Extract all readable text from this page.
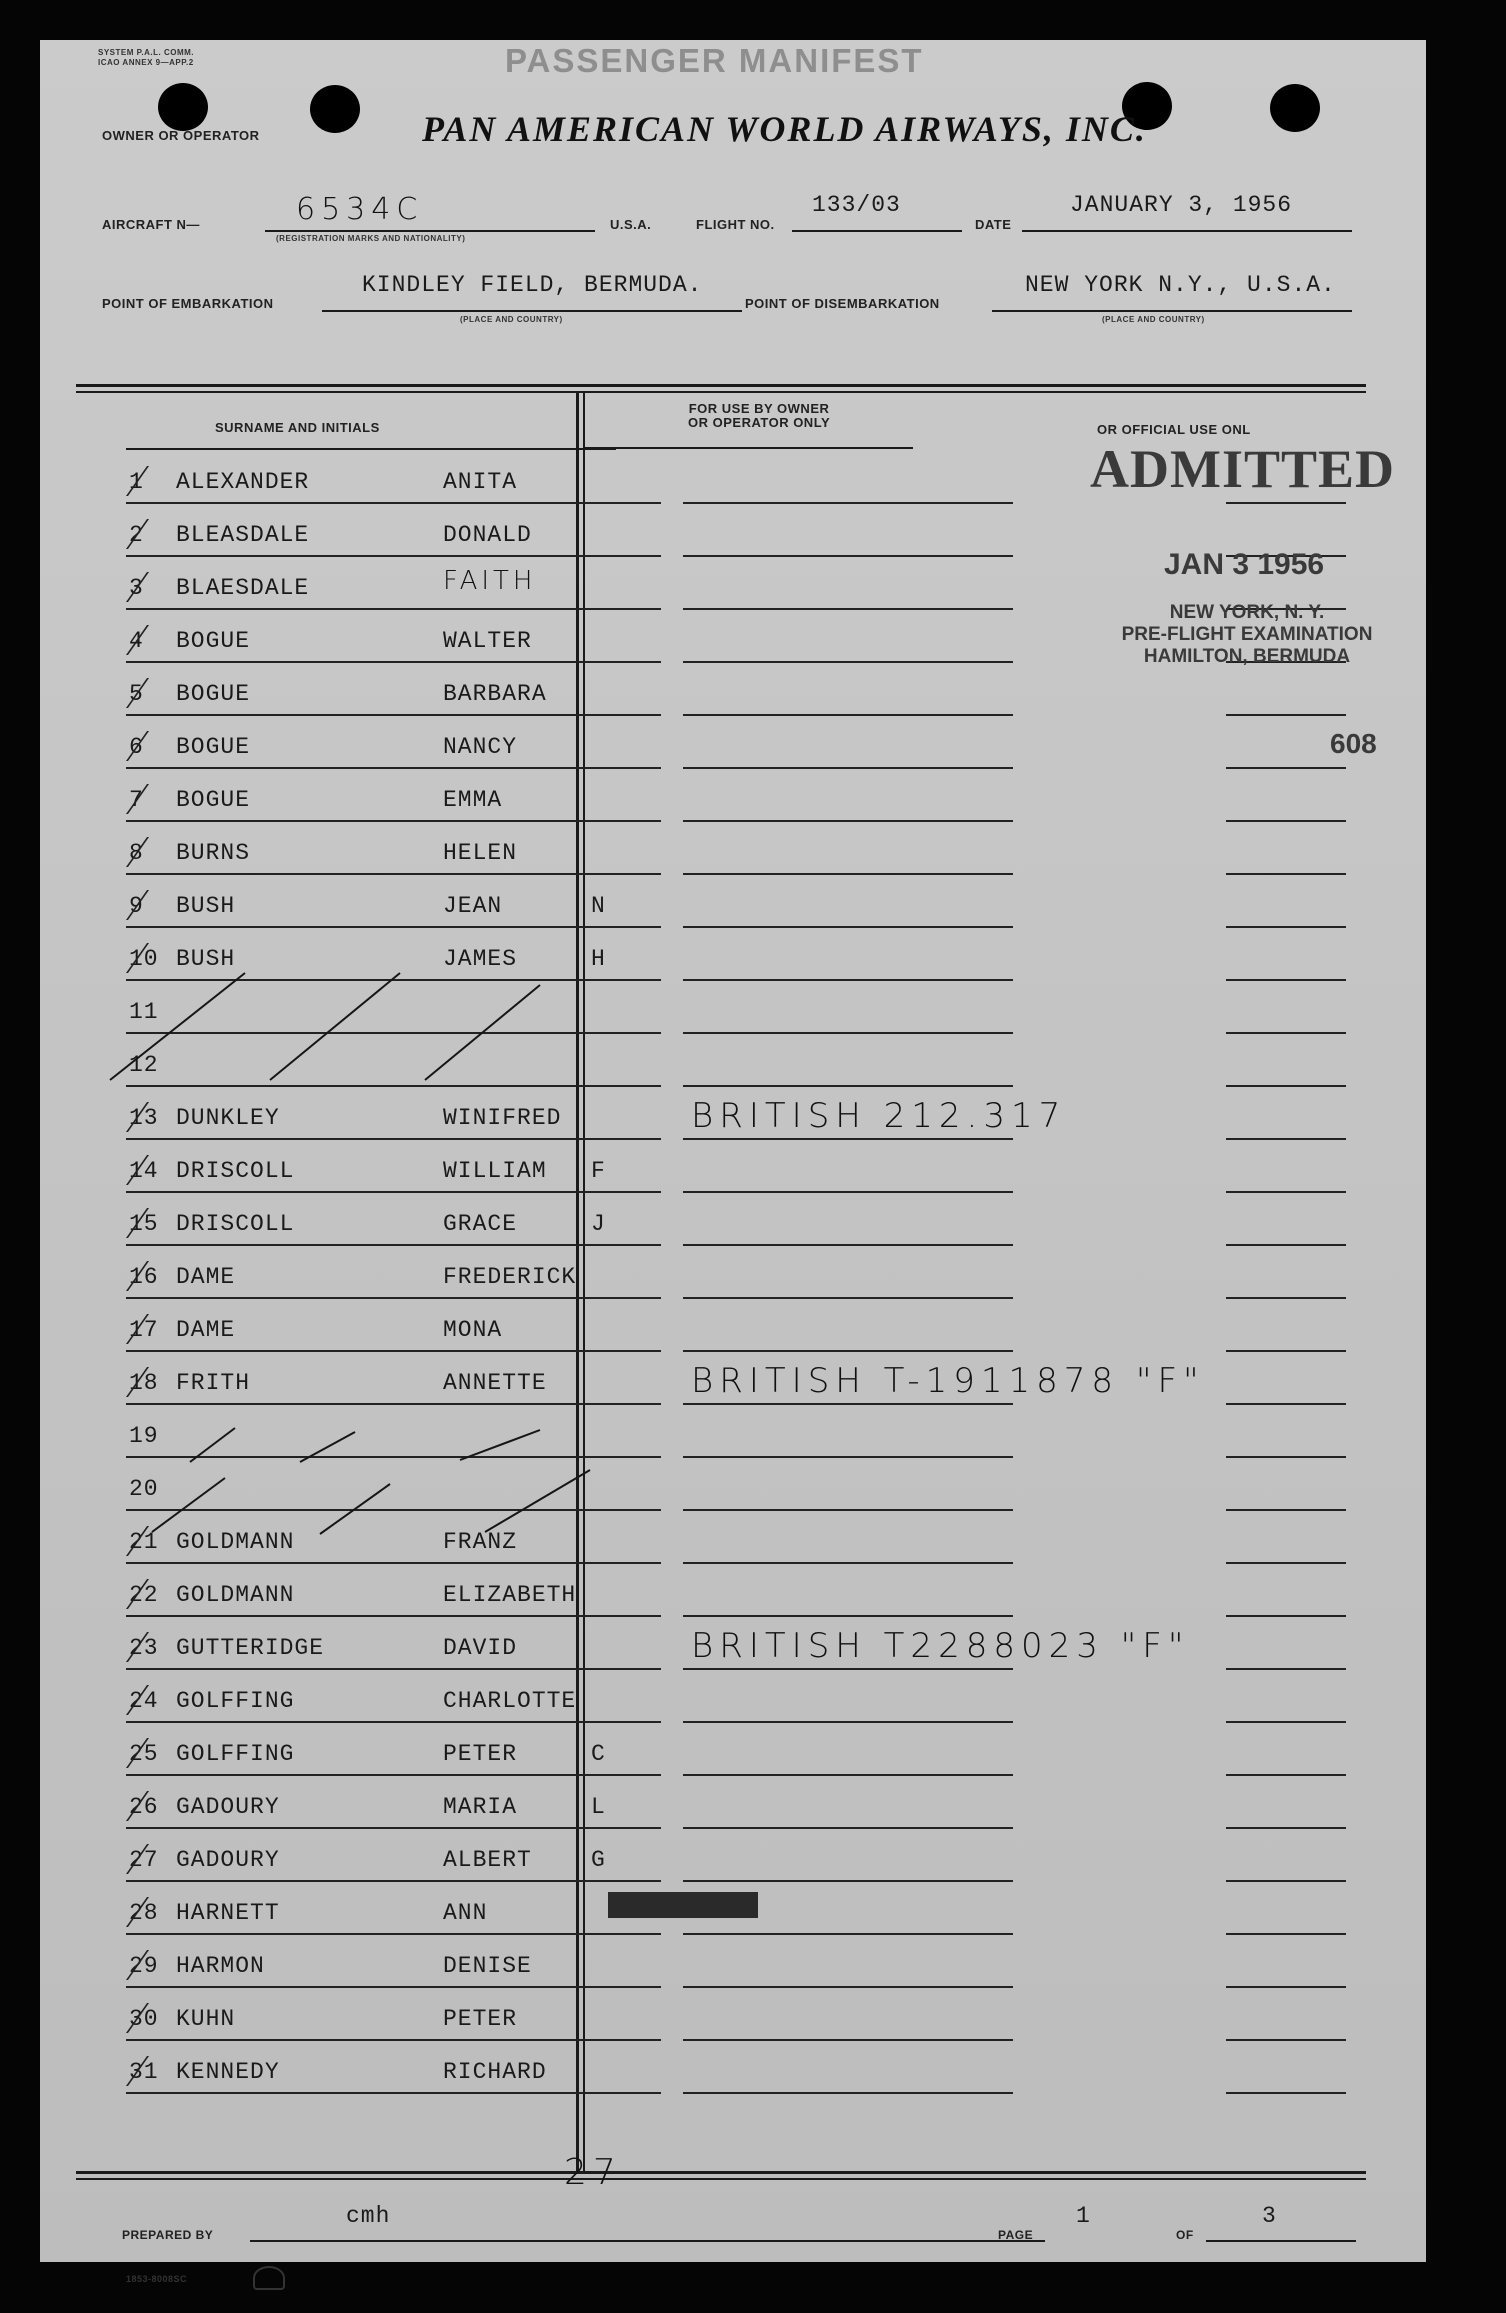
SYSTEM P.A.L. COMM.
ICAO ANNEX 9—APP.2	PASSENGER MANIFEST
OWNER OR OPERATOR	PAN AMERICAN WORLD AIRWAYS, INC.
AIRCRAFT N—	6534C
(REGISTRATION MARKS AND NATIONALITY)
U.S.A.	FLIGHT NO.
133/03
DATE
JANUARY 3, 1956
POINT OF EMBARKATION
KINDLEY FIELD, BERMUDA.
(PLACE AND COUNTRY)
POINT OF DISEMBARKATION
NEW YORK N.Y., U.S.A.
(PLACE AND COUNTRY)
SURNAME AND INITIALS
FOR USE BY OWNER
OR OPERATOR ONLY	OR OFFICIAL USE ONL
1	ALEXANDER	ANITA
2	BLEASDALE	DONALD
3	BLAESDALE	FAITH
4	BOGUE	WALTER
5	BOGUE	BARBARA
6	BOGUE	NANCY
7	BOGUE	EMMA
8	BURNS	HELEN
9	BUSH	JEAN	N
10 BUSH	JAMES	H
11
12
13 DUNKLEY	WINIFRED	BRITISH 212.317
14 DRISCOLL	WILLIAM F
15 DRISCOLL	GRACE	J
16 DAME	FREDERICK
17 DAME	MONA
18 FRITH	ANNETTE	BRITISH T-1911878 "F"
19
20
21 GOLDMANN	FRANZ
22 GOLDMANN	ELIZABETH
23 GUTTERIDGE	DAVID	BRITISH T2288023 "F"
24 GOLFFING	CHARLOTTE
25 GOLFFING	PETER	C
26 GADOURY	MARIA	L
27 GADOURY	ALBERT	G
28 HARNETT	ANN
29 HARMON	DENISE
30 KUHN	PETER
31 KENNEDY	RICHARD
ADMITTED
JAN 3 1956
NEW YORK, N. Y.
PRE-FLIGHT EXAMINATION
HAMILTON, BERMUDA
608
27
PREPARED BY
cmh
PAGE
1
OF
3
1853-8008SC
